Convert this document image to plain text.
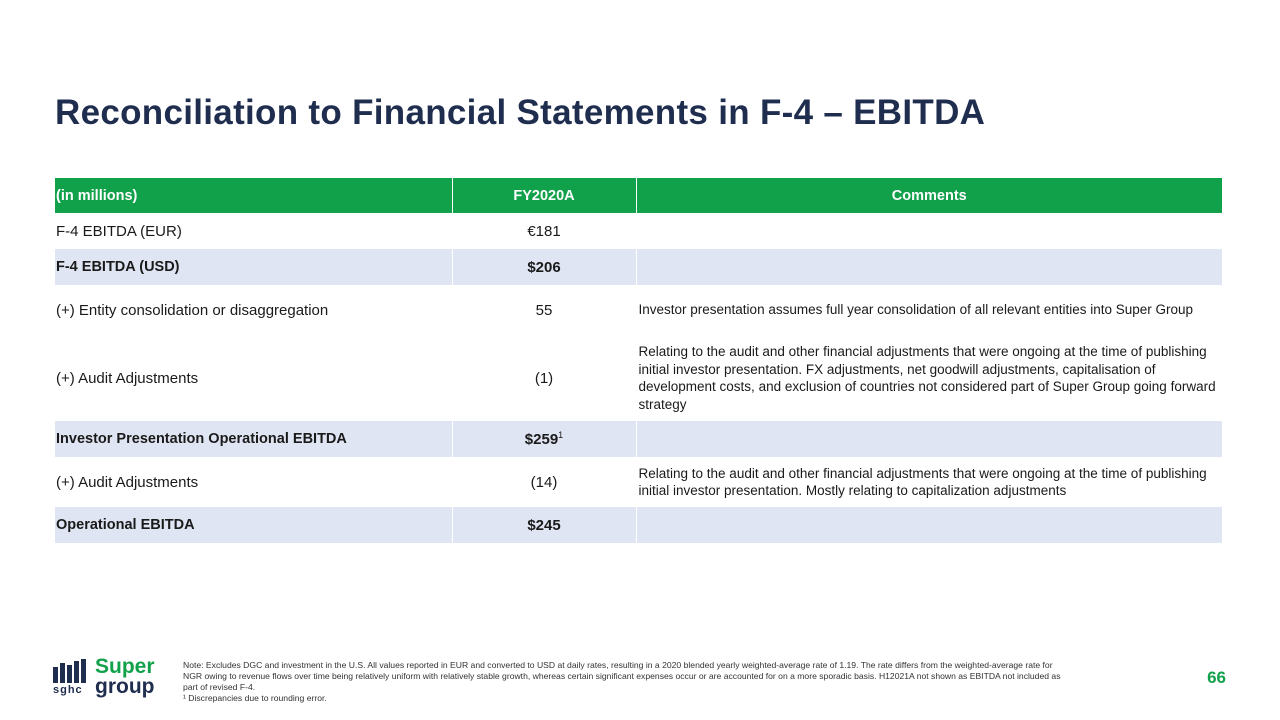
Reconciliation to Financial Statements in F-4 – EBITDA
(in millions)	FY2020A	Comments
F-4 EBITDA (EUR)	€181	
F-4 EBITDA (USD)	$206	
(+) Entity consolidation or disaggregation	55	Investor presentation assumes full year consolidation of all relevant entities into Super Group
(+) Audit Adjustments	(1)	Relating to the audit and other financial adjustments that were ongoing at the time of publishing initial investor presentation. FX adjustments, net goodwill adjustments, capitalisation of development costs, and exclusion of countries not considered part of Super Group going forward strategy
Investor Presentation Operational EBITDA	$259$^1$	
(+) Audit Adjustments	(14)	Relating to the audit and other financial adjustments that were ongoing at the time of publishing initial investor presentation. Mostly relating to capitalization adjustments
Operational EBITDA	$245	
sghc
Super
group

Note: Excludes DGC and investment in the U.S. All values reported in EUR and converted to USD at daily rates, resulting in a 2020 blended yearly weighted-average rate of 1.19. The rate differs from the weighted-average rate for NGR owing to revenue flows over time being relatively uniform with relatively stable growth, whereas certain significant expenses occur or are accounted for on a more sporadic basis. H12021A not shown as EBITDA not included as part of revised F-4.

¹ Discrepancies due to rounding error.

66
